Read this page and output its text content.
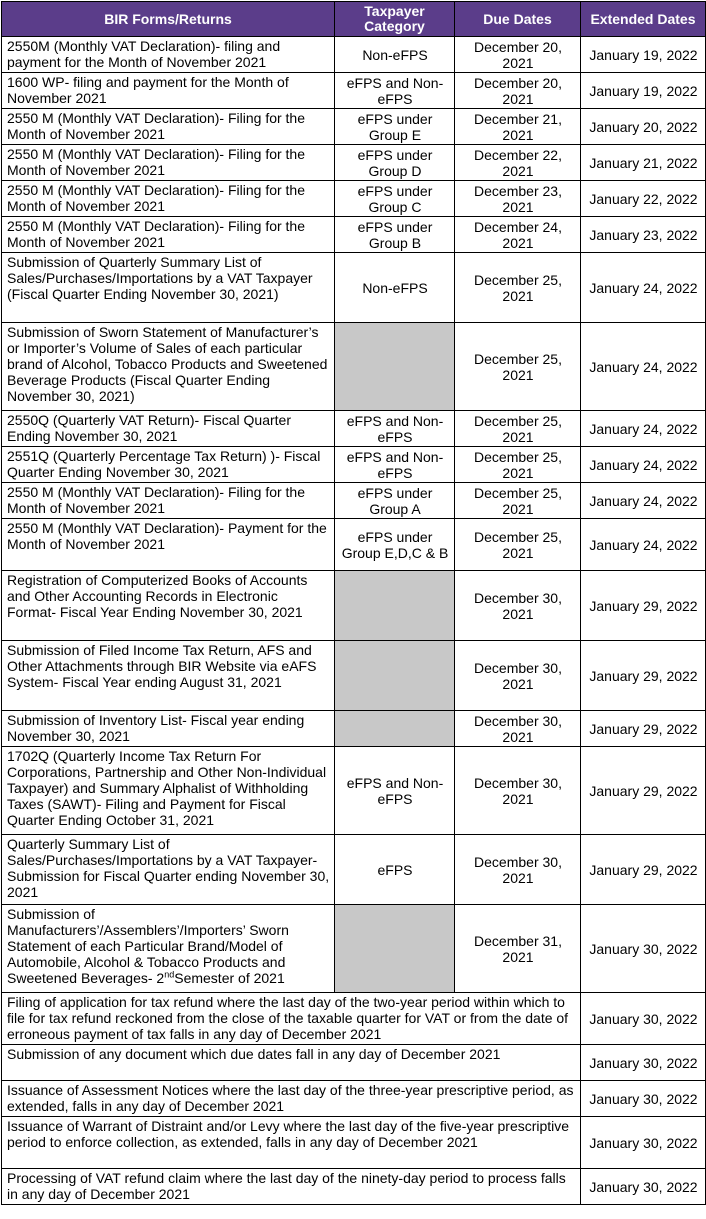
BIR Forms/Returns	Taxpayer Category	Due Dates	Extended Dates
2550M (Monthly VAT Declaration)- filing and payment for the Month of November 2021	Non-eFPS	December 20, 2021	January 19, 2022
1600 WP- filing and payment for the Month of November 2021	eFPS and Non-eFPS	December 20, 2021	January 19, 2022
2550 M (Monthly VAT Declaration)- Filing for the Month of November 2021	eFPS under Group E	December 21, 2021	January 20, 2022
2550 M (Monthly VAT Declaration)- Filing for the Month of November 2021	eFPS under Group D	December 22, 2021	January 21, 2022
2550 M (Monthly VAT Declaration)- Filing for the Month of November 2021	eFPS under Group C	December 23, 2021	January 22, 2022
2550 M (Monthly VAT Declaration)- Filing for the Month of November 2021	eFPS under Group B	December 24, 2021	January 23, 2022
Submission of Quarterly Summary List of Sales/Purchases/Importations by a VAT Taxpayer (Fiscal Quarter Ending November 30, 2021)	Non-eFPS	December 25, 2021	January 24, 2022
Submission of Sworn Statement of Manufacturer’s or Importer’s Volume of Sales of each particular brand of Alcohol, Tobacco Products and Sweetened Beverage Products (Fiscal Quarter Ending November 30, 2021)		December 25, 2021	January 24, 2022
2550Q (Quarterly VAT Return)- Fiscal Quarter Ending November 30, 2021	eFPS and Non-eFPS	December 25, 2021	January 24, 2022
2551Q (Quarterly Percentage Tax Return) )- Fiscal Quarter Ending November 30, 2021	eFPS and Non-eFPS	December 25, 2021	January 24, 2022
2550 M (Monthly VAT Declaration)- Filing for the Month of November 2021	eFPS under Group A	December 25, 2021	January 24, 2022
2550 M (Monthly VAT Declaration)- Payment for the Month of November 2021	eFPS under Group E,D,C & B	December 25, 2021	January 24, 2022
Registration of Computerized Books of Accounts and Other Accounting Records in Electronic Format- Fiscal Year Ending November 30, 2021		December 30, 2021	January 29, 2022
Submission of Filed Income Tax Return, AFS and Other Attachments through BIR Website via eAFS System- Fiscal Year ending August 31, 2021		December 30, 2021	January 29, 2022
Submission of Inventory List- Fiscal year ending November 30, 2021		December 30, 2021	January 29, 2022
1702Q (Quarterly Income Tax Return For Corporations, Partnership and Other Non-Individual Taxpayer) and Summary Alphalist of Withholding Taxes (SAWT)- Filing and Payment for Fiscal Quarter Ending October 31, 2021	eFPS and Non-eFPS	December 30, 2021	January 29, 2022
Quarterly Summary List of Sales/Purchases/Importations by a VAT Taxpayer- Submission for Fiscal Quarter ending November 30, 2021	eFPS	December 30, 2021	January 29, 2022
Submission of Manufacturers’/Assemblers’/Importers’ Sworn Statement of each Particular Brand/Model of Automobile, Alcohol & Tobacco Products and Sweetened Beverages- 2ndSemester of 2021		December 31, 2021	January 30, 2022
Filing of application for tax refund where the last day of the two-year period within which to file for tax refund reckoned from the close of the taxable quarter for VAT or from the date of erroneous payment of tax falls in any day of December 2021			January 30, 2022
Submission of any document which due dates fall in any day of December 2021			January 30, 2022
Issuance of Assessment Notices where the last day of the three-year prescriptive period, as extended, falls in any day of December 2021			January 30, 2022
Issuance of Warrant of Distraint and/or Levy where the last day of the five-year prescriptive period to enforce collection, as extended, falls in any day of December 2021			January 30, 2022
Processing of VAT refund claim where the last day of the ninety-day period to process falls in any day of December 2021			January 30, 2022
